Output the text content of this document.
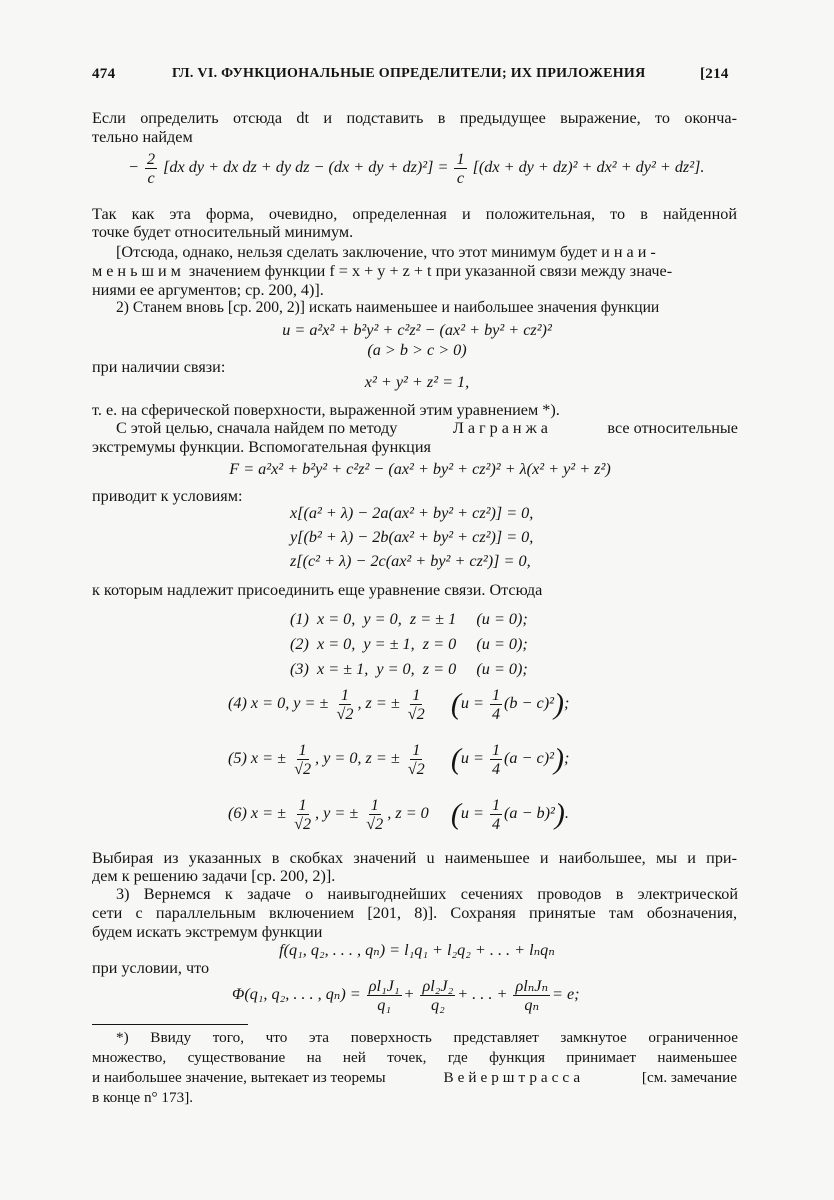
474	ГЛ. VI. ФУНКЦИОНАЛЬНЫЕ ОПРЕДЕЛИТЕЛИ; ИХ ПРИЛОЖЕНИЯ	[214
Если определить отсюда dt и подставить в предыдущее выражение, то оконча-
тельно найдем
− $\frac{2}{c} [dx$ dy + dx dz + dy dz − (dx + dy + $dz)^2] = \frac{1}{c} [(dx$ + dy + dz)² + dx² + dy² + dz²].
Так как эта форма, очевидно, определенная и положительная, то в найденной
точке будет относительный минимум.
[Отсюда, однако, нельзя сделать заключение, что этот минимум будет и наи-
меньшим значением функции f = x + y + z + t при указанной связи между значе-
ниями ее аргументов; ср. 200, 4)].
2) Станем вновь [ср. 200, 2)] искать наименьшее и наибольшее значения функции
u = a²x² + b²y² + c²z² − (ax² + by² + cz²)²
(a > b > c > 0)
при наличии связи:
x² + y² + z² = 1,
т. е. на сферической поверхности, выраженной этим уравнением *).
С этой целью, сначала найдем по методу	Лагранжа	все относительные
экстремумы функции. Вспомогательная функция
F = a²x² + b²y² + c²z² − (ax² + by² + cz²)² + λ(x² + y² + z²)
приводит к условиям:
x[(a² + λ) − 2a(ax² + by² + cz²)] = 0,
y[(b² + λ) − 2b(ax² + by² + cz²)] = 0,
z[(c² + λ) − 2c(ax² + by² + cz²)] = 0,
к которым надлежит присоединить еще уравнение связи. Отсюда
(1)  x = 0,  y = 0,  z = ± 1     (u = 0);
(2)  x = 0,  y = ± 1,  z = 0     (u = 0);
(3)  x = ± 1,  y = 0,  z = 0     (u = 0);
(4) x = 0, y = ± $\frac{1}{√2}$ , z = ± $\frac{1}{√2} (u = \frac{1}{4} (b - c)^2)$;
(5) x = ± $\frac{1}{√2}$ , y = 0, z = ± $\frac{1}{√2} (u = \frac{1}{4} (a - c)^2)$;
(6) x = ± $\frac{1}{√2}$ , y = ± $\frac{1}{√2}$ , z = 0 $(u = \frac{1}{4} (a - b)^2)$.
Выбирая из указанных в скобках значений u наименьшее и наибольшее, мы и при-
дем к решению задачи [ср. 200, 2)].
3) Вернемся к задаче о наивыгоднейших сечениях проводов в электрической
сети с параллельным включением [201, 8)]. Сохраняя принятые там обозначения,
будем искать экстремум функции
f(q₁, q₂, . . . , qₙ) = l₁q₁ + l₂q₂ + . . . + lₙqₙ
при условии, что
Φ(q₁, q₂, . . . , $q_n) = \frac{\text{ρl₁J₁}}{\text{q₁}} + \frac{\text{ρl₂J₂}}{\text{q₂}}$ + . . . + $\frac{\text{ρlₙJₙ}}{\text{qₙ}} = e$;
*) Ввиду того, что эта поверхность представляет замкнутое ограниченное
множество, существование на ней точек, где функция принимает наименьшее
и наибольшее значение, вытекает из теоремы	Вейерштрасса	[см. замечание
в конце n° 173].
